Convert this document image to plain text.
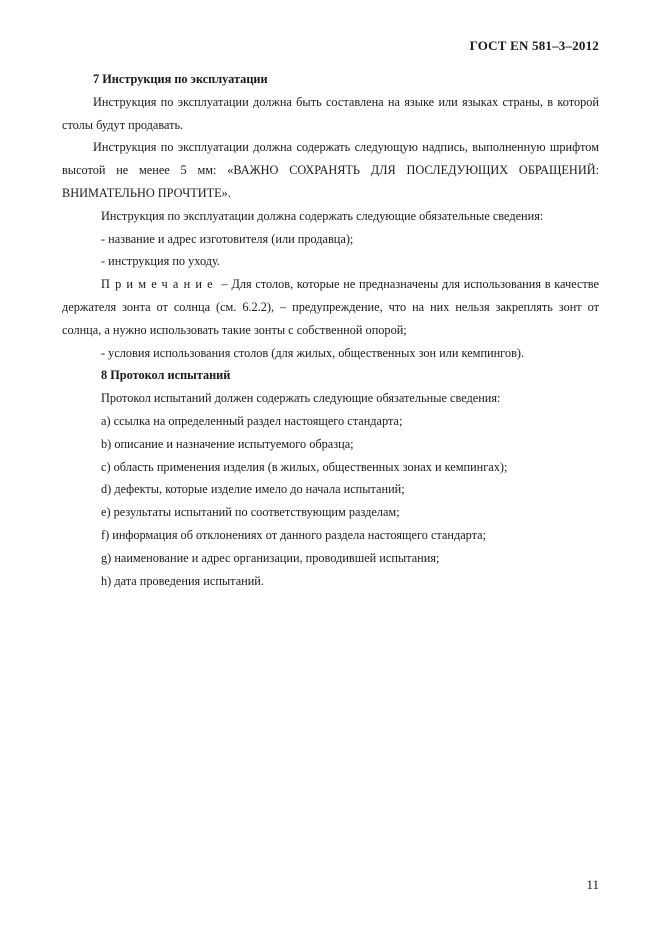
ГОСТ EN 581–3–2012

7 Инструкция по эксплуатации

Инструкция по эксплуатации должна быть составлена на языке или языках страны, в которой столы будут продавать.

Инструкция по эксплуатации должна содержать следующую надпись, выполненную шрифтом высотой не менее 5 мм: «ВАЖНО СОХРАНЯТЬ ДЛЯ ПОСЛЕДУЮЩИХ ОБРАЩЕНИЙ: ВНИМАТЕЛЬНО ПРОЧТИТЕ».

Инструкция по эксплуатации должна содержать следующие обязательные сведения:

- название и адрес изготовителя (или продавца);

- инструкция по уходу.

Примечание – Для столов, которые не предназначены для использования в качестве держателя зонта от солнца (см. 6.2.2), – предупреждение, что на них нельзя закреплять зонт от солнца, а нужно использовать такие зонты с собственной опорой;

- условия использования столов (для жилых, общественных зон или кемпингов).

8 Протокол испытаний

Протокол испытаний должен содержать следующие обязательные сведения:

a) ссылка на определенный раздел настоящего стандарта;

b) описание и назначение испытуемого образца;

c) область применения изделия (в жилых, общественных зонах и кемпингах);

d) дефекты, которые изделие имело до начала испытаний;

e) результаты испытаний по соответствующим разделам;

f) информация об отклонениях от данного раздела настоящего стандарта;

g) наименование и адрес организации, проводившей испытания;

h) дата проведения испытаний.

11
